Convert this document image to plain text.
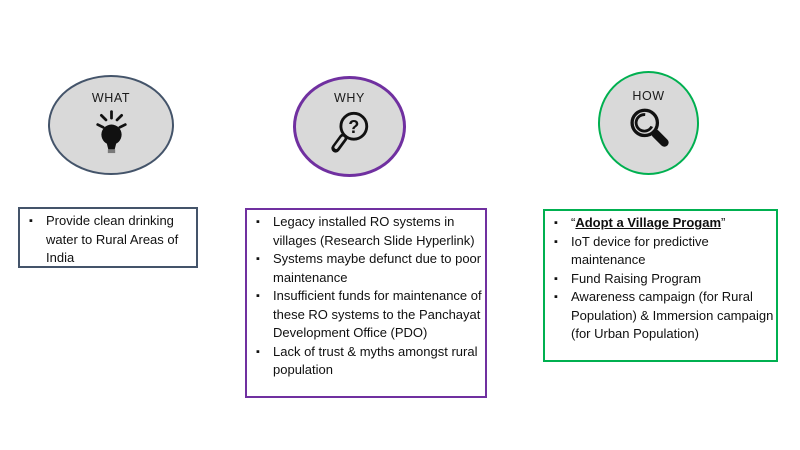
WHAT
▪ Provide clean drinking water to Rural Areas of India
WHY
?
▪ Legacy installed RO systems in villages (Research Slide Hyperlink)
▪ Systems maybe defunct due to poor maintenance
▪ Insufficient funds for maintenance of these RO systems to the Panchayat Development Office (PDO)
▪ Lack of trust & myths amongst rural population
HOW
▪ “Adopt a Village Progam”
▪ IoT device for predictive maintenance
▪ Fund Raising Program
▪ Awareness campaign (for Rural Population) & Immersion campaign (for Urban Population)
